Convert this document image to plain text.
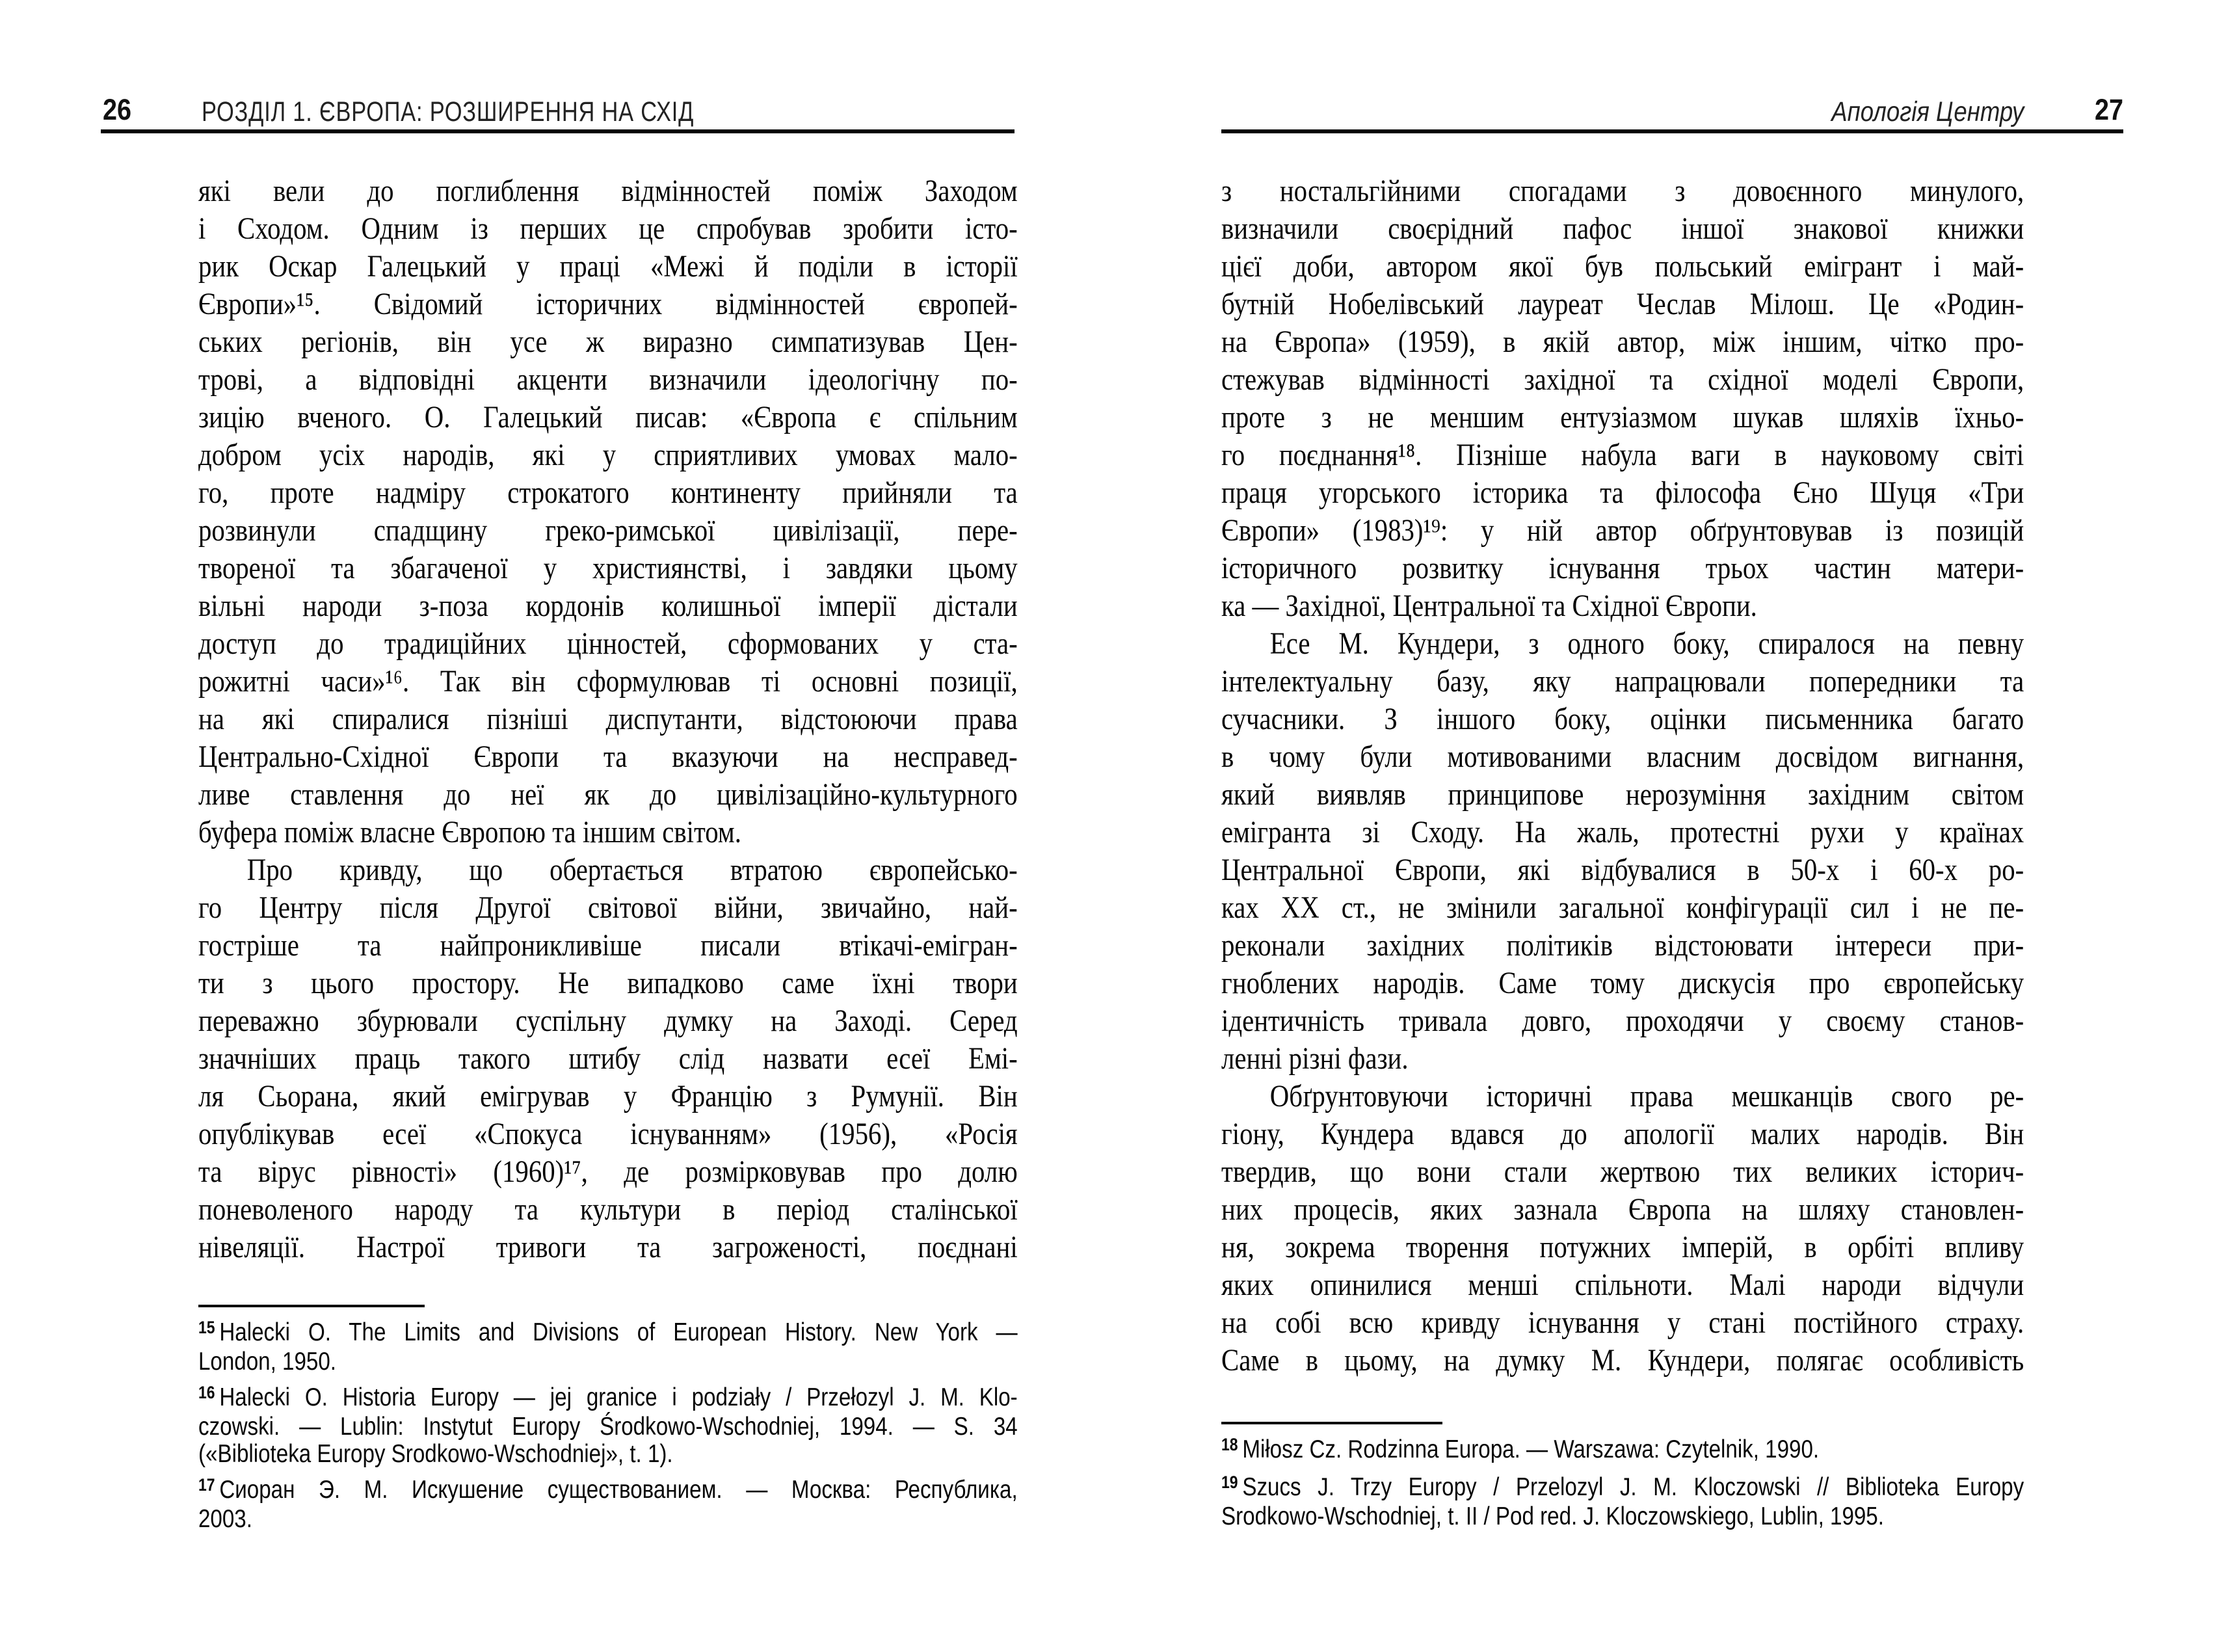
26	РОЗДІЛ 1. ЄВРОПА: РОЗШИРЕННЯ НА СХІД
які вели до поглиблення відмінностей поміж Заходом
і Сходом. Одним із перших це спробував зробити істо-
рик Оскар Галецький у праці «Межі й поділи в історії
Європи»¹⁵. Свідомий історичних відмінностей європей-
ських регіонів, він усе ж виразно симпатизував Цен-
трові, а відповідні акценти визначили ідеологічну по-
зицію вченого. О. Галецький писав: «Європа є спільним
добром усіх народів, які у сприятливих умовах мало-
го, проте надміру строкатого континенту прийняли та
розвинули спадщину греко-римської цивілізації, пере-
твореної та збагаченої у християнстві, і завдяки цьому
вільні народи з-поза кордонів колишньої імперії дістали
доступ до традиційних цінностей, сформованих у ста-
рожитні часи»¹⁶. Так він сформулював ті основні позиції,
на які спиралися пізніші диспутанти, відстоюючи права
Центрально-Східної Європи та вказуючи на несправед-
ливе ставлення до неї як до цивілізаційно-культурного
буфера поміж власне Європою та іншим світом.
Про кривду, що обертається втратою європейсько-
го Центру після Другої світової війни, звичайно, най-
гостріше та найпроникливіше писали втікачі-емігран-
ти з цього простору. Не випадково саме їхні твори
переважно збурювали суспільну думку на Заході. Серед
значніших праць такого штибу слід назвати есеї Емі-
ля Сьорана, який емігрував у Францію з Румунії. Він
опублікував есеї «Спокуса існуванням» (1956), «Росія
та вірус рівності» (1960)¹⁷, де розмірковував про долю
поневоленого народу та культури в період сталінської
нівеляції. Настрої тривоги та загроженості, поєднані
$^{15}$ Halecki O. The Limits and Divisions of European History. New York —
London, 1950.
$^{16}$ Halecki O. Historia Europy — jej granice i podziały / Przełozyl J. M. Klo-
czowski. — Lublin: Instytut Europy Środkowo-Wschodniej, 1994. — S. 34
(«Biblioteka Europy Srodkowo-Wschodniej», t. 1).
$^{17}$ Сиоран Э. М. Искушение существованием. — Москва: Республика,
2003.
Апологія Центру 27
з ностальгійними спогадами з довоєнного минулого,
визначили своєрідний пафос іншої знакової книжки
цієї доби, автором якої був польський емігрант і май-
бутній Нобелівський лауреат Чеслав Мілош. Це «Родин-
на Європа» (1959), в якій автор, між іншим, чітко про-
стежував відмінності західної та східної моделі Європи,
проте з не меншим ентузіазмом шукав шляхів їхньо-
го поєднання¹⁸. Пізніше набула ваги в науковому світі
праця угорського історика та філософа Єно Шуця «Три
Європи» (1983)¹⁹: у ній автор обґрунтовував із позицій
історичного розвитку існування трьох частин матери-
ка — Західної, Центральної та Східної Європи.
Есе М. Кундери, з одного боку, спиралося на певну
інтелектуальну базу, яку напрацювали попередники та
сучасники. З іншого боку, оцінки письменника багато
в чому були мотивованими власним досвідом вигнання,
який виявляв принципове нерозуміння західним світом
емігранта зі Сходу. На жаль, протестні рухи у країнах
Центральної Європи, які відбувалися в 50-х і 60-х ро-
ках ХХ ст., не змінили загальної конфігурації сил і не пе-
реконали західних політиків відстоювати інтереси при-
гноблених народів. Саме тому дискусія про європейську
ідентичність тривала довго, проходячи у своєму станов-
ленні різні фази.
Обґрунтовуючи історичні права мешканців свого ре-
гіону, Кундера вдався до апології малих народів. Він
твердив, що вони стали жертвою тих великих історич-
них процесів, яких зазнала Європа на шляху становлен-
ня, зокрема творення потужних імперій, в орбіті впливу
яких опинилися менші спільноти. Малі народи відчули
на собі всю кривду існування у стані постійного страху.
Саме в цьому, на думку М. Кундери, полягає особливість
$^{18}$ Miłosz Cz. Rodzinna Europa. — Warszawa: Czytelnik, 1990.
$^{19}$ Szucs J. Trzy Europy / Przelozyl J. M. Kloczowski // Biblioteka Europy
Srodkowo-Wschodniej, t. II / Pod red. J. Kloczowskiego, Lublin, 1995.
